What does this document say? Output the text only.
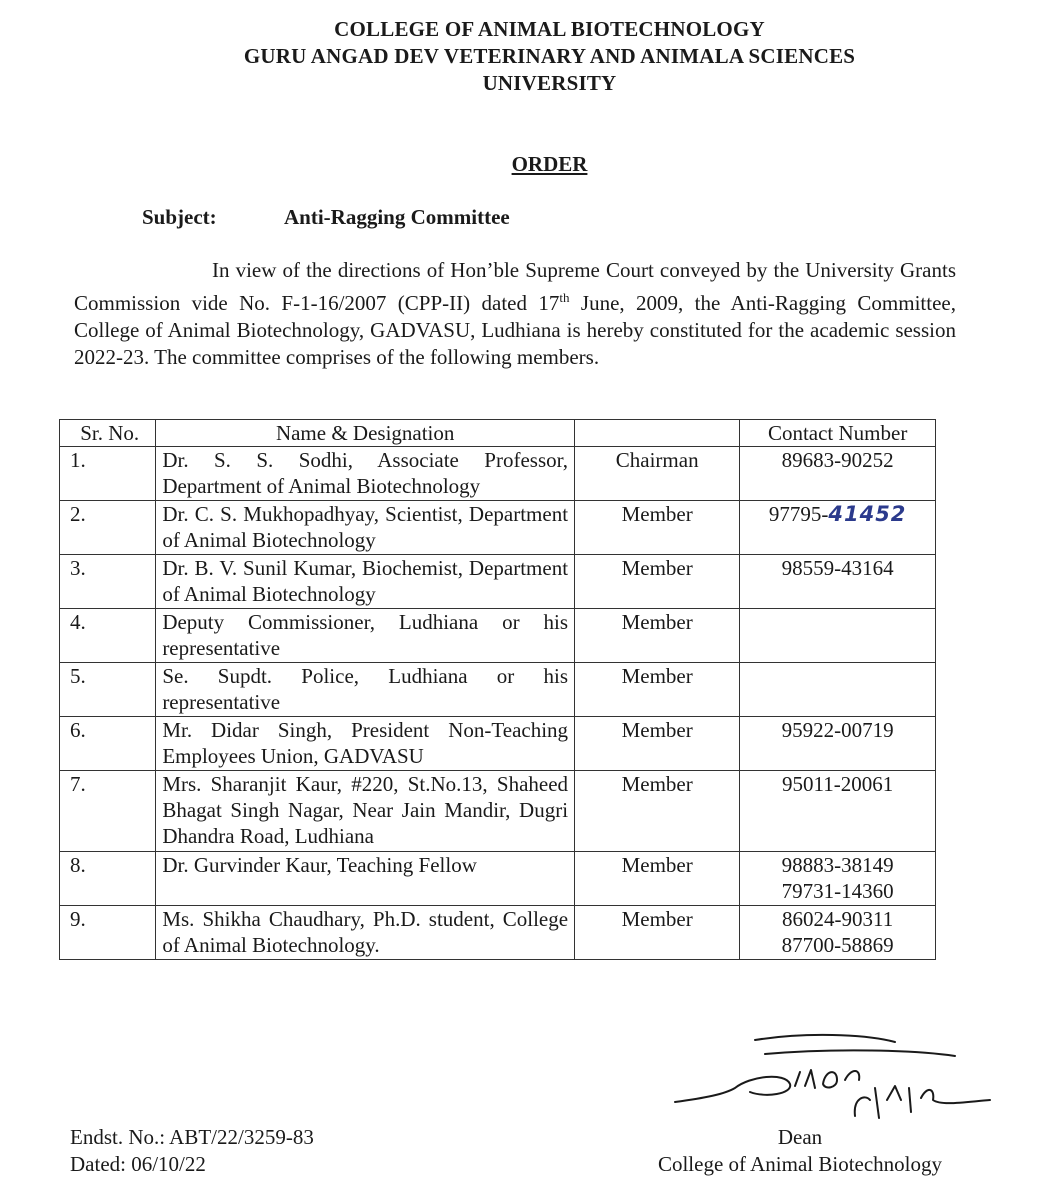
COLLEGE OF ANIMAL BIOTECHNOLOGY
GURU ANGAD DEV VETERINARY AND ANIMALA SCIENCES
UNIVERSITY
ORDER
Subject:	Anti-Ragging Committee
In view of the directions of Hon’ble Supreme Court conveyed by the University Grants Commission vide No. F-1-16/2007 (CPP-II) dated 17th June, 2009, the Anti-Ragging Committee, College of Animal Biotechnology, GADVASU, Ludhiana is hereby constituted for the academic session 2022-23. The committee comprises of the following members.
Sr. No.	Name & Designation		Contact Number
1.	Dr. S. S. Sodhi, Associate Professor, Department of Animal Biotechnology	Chairman	89683-90252

2.	Dr. C. S. Mukhopadhyay, Scientist, Department of Animal Biotechnology	Member	97795-41452

3.	Dr. B. V. Sunil Kumar, Biochemist, Department of Animal Biotechnology	Member	98559-43164

4.	Deputy Commissioner, Ludhiana or his representative	Member	

5.	Se. Supdt. Police, Ludhiana or his representative	Member	

6.	Mr. Didar Singh, President Non-Teaching Employees Union, GADVASU	Member	95922-00719

7.	Mrs. Sharanjit Kaur, #220, St.No.13, Shaheed Bhagat Singh Nagar, Near Jain Mandir, Dugri Dhandra Road, Ludhiana	Member	95011-20061

8.	Dr. Gurvinder Kaur, Teaching Fellow	Member	98883-38149
79731-14360

9.	Ms. Shikha Chaudhary, Ph.D. student, College of Animal Biotechnology.	Member	86024-90311
87700-58869
Endst. No.: ABT/22/3259-83
Dated: 06/10/22
Dean
College of Animal Biotechnology
